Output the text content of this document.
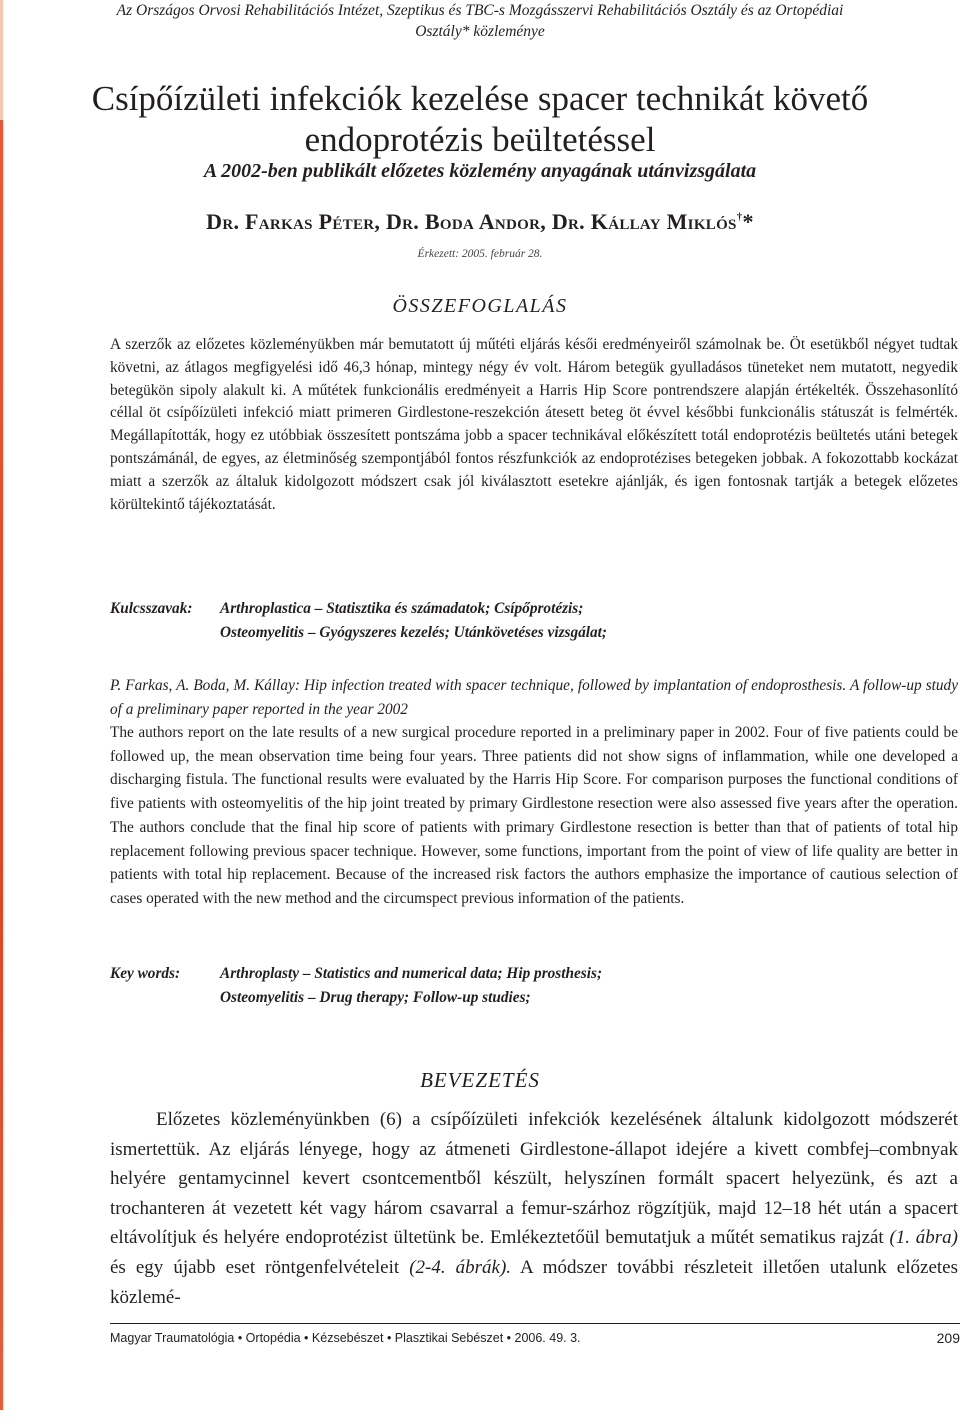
Az Országos Orvosi Rehabilitációs Intézet, Szeptikus és TBC-s Mozgásszervi Rehabilitációs Osztály és az Ortopédiai Osztály* közleménye
Csípőízületi infekciók kezelése spacer technikát követő endoprotézis beültetéssel
A 2002-ben publikált előzetes közlemény anyagának utánvizsgálata
Dr. Farkas Péter, Dr. Boda Andor, Dr. Kállay Miklós†*
Érkezett: 2005. február 28.
ÖSSZEFOGLALÁS

A szerzők az előzetes közleményükben már bemutatott új műtéti eljárás késői eredményeiről számolnak be. Öt esetükből négyet tudtak követni, az átlagos megfigyelési idő 46,3 hónap, mintegy négy év volt. Három betegük gyulladásos tüneteket nem mutatott, negyedik betegükön sipoly alakult ki. A műtétek funkcionális eredményeit a Harris Hip Score pontrendszere alapján értékelték. Összehasonlító céllal öt csípőízületi infekció miatt primeren Girdlestone-reszekción átesett beteg öt évvel későbbi funkcionális státuszát is felmérték. Megállapították, hogy ez utóbbiak összesített pontszáma jobb a spacer technikával előkészített totál endoprotézis beültetés utáni betegek pontszámánál, de egyes, az életminőség szempontjából fontos részfunkciók az endoprotézises betegeken jobbak. A fokozottabb kockázat miatt a szerzők az általuk kidolgozott módszert csak jól kiválasztott esetekre ajánlják, és igen fontosnak tartják a betegek előzetes körültekintő tájékoztatását.

Kulcsszavak:	Arthroplastica – Statisztika és számadatok; Csípőprotézis;
Osteomyelitis – Gyógyszeres kezelés; Utánkövetéses vizsgálat;

P. Farkas, A. Boda, M. Kállay: Hip infection treated with spacer technique, followed by implantation of endoprosthesis. A follow-up study of a preliminary paper reported in the year 2002

The authors report on the late results of a new surgical procedure reported in a preliminary paper in 2002. Four of five patients could be followed up, the mean observation time being four years. Three patients did not show signs of inflammation, while one developed a discharging fistula. The functional results were evaluated by the Harris Hip Score. For comparison purposes the functional conditions of five patients with osteomyelitis of the hip joint treated by primary Girdlestone resection were also assessed five years after the operation. The authors conclude that the final hip score of patients with primary Girdlestone resection is better than that of patients of total hip replacement following previous spacer technique. However, some functions, important from the point of view of life quality are better in patients with total hip replacement. Because of the increased risk factors the authors emphasize the importance of cautious selection of cases operated with the new method and the circumspect previous information of the patients.

Key words:	Arthroplasty – Statistics and numerical data; Hip prosthesis;
Osteomyelitis – Drug therapy; Follow-up studies;
BEVEZETÉS

Előzetes közleményünkben (6) a csípőízületi infekciók kezelésének általunk kidolgozott módszerét ismertettük. Az eljárás lényege, hogy az átmeneti Girdlestone-állapot idejére a kivett combfej–combnyak helyére gentamycinnel kevert csontcementből készült, helyszínen formált spacert helyezünk, és azt a trochanteren át vezetett két vagy három csavarral a femur-szárhoz rögzítjük, majd 12–18 hét után a spacert eltávolítjuk és helyére endoprotézist ültetünk be. Emlékeztetőül bemutatjuk a műtét sematikus rajzát (1. ábra) és egy újabb eset röntgenfelvételeit (2-4. ábrák). A módszer további részleteit illetően utalunk előzetes közlemé-

Magyar Traumatológia • Ortopédia • Kézsebészet • Plasztikai Sebészet • 2006. 49. 3.	209
